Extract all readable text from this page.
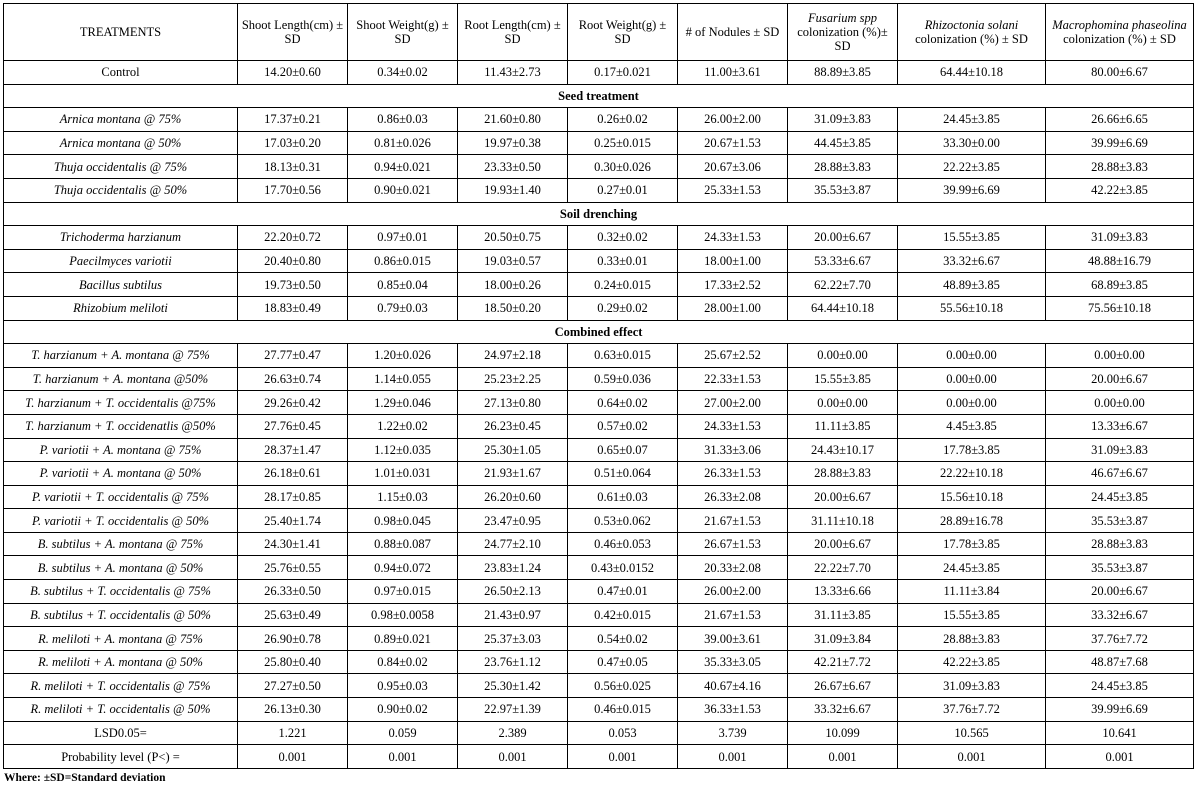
TREATMENTS	Shoot Length(cm) ± SD	Shoot Weight(g) ± SD	Root Length(cm) ± SD	Root Weight(g) ± SD	# of Nodules ± SD	Fusarium spp colonization (%)± SD	Rhizoctonia solani colonization (%) ± SD	Macrophomina phaseolina colonization (%) ± SD
Control	14.20±0.60	0.34±0.02	11.43±2.73	0.17±0.021	11.00±3.61	88.89±3.85	64.44±10.18	80.00±6.67
Seed treatment								
Arnica montana @ 75%	17.37±0.21	0.86±0.03	21.60±0.80	0.26±0.02	26.00±2.00	31.09±3.83	24.45±3.85	26.66±6.65
Arnica montana @ 50%	17.03±0.20	0.81±0.026	19.97±0.38	0.25±0.015	20.67±1.53	44.45±3.85	33.30±0.00	39.99±6.69
Thuja occidentalis @ 75%	18.13±0.31	0.94±0.021	23.33±0.50	0.30±0.026	20.67±3.06	28.88±3.83	22.22±3.85	28.88±3.83
Thuja occidentalis @ 50%	17.70±0.56	0.90±0.021	19.93±1.40	0.27±0.01	25.33±1.53	35.53±3.87	39.99±6.69	42.22±3.85
Soil drenching								
Trichoderma harzianum	22.20±0.72	0.97±0.01	20.50±0.75	0.32±0.02	24.33±1.53	20.00±6.67	15.55±3.85	31.09±3.83
Paecilmyces variotii	20.40±0.80	0.86±0.015	19.03±0.57	0.33±0.01	18.00±1.00	53.33±6.67	33.32±6.67	48.88±16.79
Bacillus subtilus	19.73±0.50	0.85±0.04	18.00±0.26	0.24±0.015	17.33±2.52	62.22±7.70	48.89±3.85	68.89±3.85
Rhizobium meliloti	18.83±0.49	0.79±0.03	18.50±0.20	0.29±0.02	28.00±1.00	64.44±10.18	55.56±10.18	75.56±10.18
Combined effect								
T. harzianum + A. montana @ 75%	27.77±0.47	1.20±0.026	24.97±2.18	0.63±0.015	25.67±2.52	0.00±0.00	0.00±0.00	0.00±0.00
T. harzianum + A. montana @50%	26.63±0.74	1.14±0.055	25.23±2.25	0.59±0.036	22.33±1.53	15.55±3.85	0.00±0.00	20.00±6.67
T. harzianum + T. occidentalis @75%	29.26±0.42	1.29±0.046	27.13±0.80	0.64±0.02	27.00±2.00	0.00±0.00	0.00±0.00	0.00±0.00
T. harzianum + T. occidenatlis @50%	27.76±0.45	1.22±0.02	26.23±0.45	0.57±0.02	24.33±1.53	11.11±3.85	4.45±3.85	13.33±6.67
P. variotii + A. montana @ 75%	28.37±1.47	1.12±0.035	25.30±1.05	0.65±0.07	31.33±3.06	24.43±10.17	17.78±3.85	31.09±3.83
P. variotii + A. montana @ 50%	26.18±0.61	1.01±0.031	21.93±1.67	0.51±0.064	26.33±1.53	28.88±3.83	22.22±10.18	46.67±6.67
P. variotii + T. occidentalis @ 75%	28.17±0.85	1.15±0.03	26.20±0.60	0.61±0.03	26.33±2.08	20.00±6.67	15.56±10.18	24.45±3.85
P. variotii + T. occidentalis @ 50%	25.40±1.74	0.98±0.045	23.47±0.95	0.53±0.062	21.67±1.53	31.11±10.18	28.89±16.78	35.53±3.87
B. subtilus + A. montana @ 75%	24.30±1.41	0.88±0.087	24.77±2.10	0.46±0.053	26.67±1.53	20.00±6.67	17.78±3.85	28.88±3.83
B. subtilus + A. montana @ 50%	25.76±0.55	0.94±0.072	23.83±1.24	0.43±0.0152	20.33±2.08	22.22±7.70	24.45±3.85	35.53±3.87
B. subtilus + T. occidentalis @ 75%	26.33±0.50	0.97±0.015	26.50±2.13	0.47±0.01	26.00±2.00	13.33±6.66	11.11±3.84	20.00±6.67
B. subtilus + T. occidentalis @ 50%	25.63±0.49	0.98±0.0058	21.43±0.97	0.42±0.015	21.67±1.53	31.11±3.85	15.55±3.85	33.32±6.67
R. meliloti + A. montana @ 75%	26.90±0.78	0.89±0.021	25.37±3.03	0.54±0.02	39.00±3.61	31.09±3.84	28.88±3.83	37.76±7.72
R. meliloti + A. montana @ 50%	25.80±0.40	0.84±0.02	23.76±1.12	0.47±0.05	35.33±3.05	42.21±7.72	42.22±3.85	48.87±7.68
R. meliloti + T. occidentalis @ 75%	27.27±0.50	0.95±0.03	25.30±1.42	0.56±0.025	40.67±4.16	26.67±6.67	31.09±3.83	24.45±3.85
R. meliloti + T. occidentalis @ 50%	26.13±0.30	0.90±0.02	22.97±1.39	0.46±0.015	36.33±1.53	33.32±6.67	37.76±7.72	39.99±6.69
LSD0.05=	1.221	0.059	2.389	0.053	3.739	10.099	10.565	10.641
Probability level (P<) =	0.001	0.001	0.001	0.001	0.001	0.001	0.001	0.001
Where: ±SD=Standard deviation
